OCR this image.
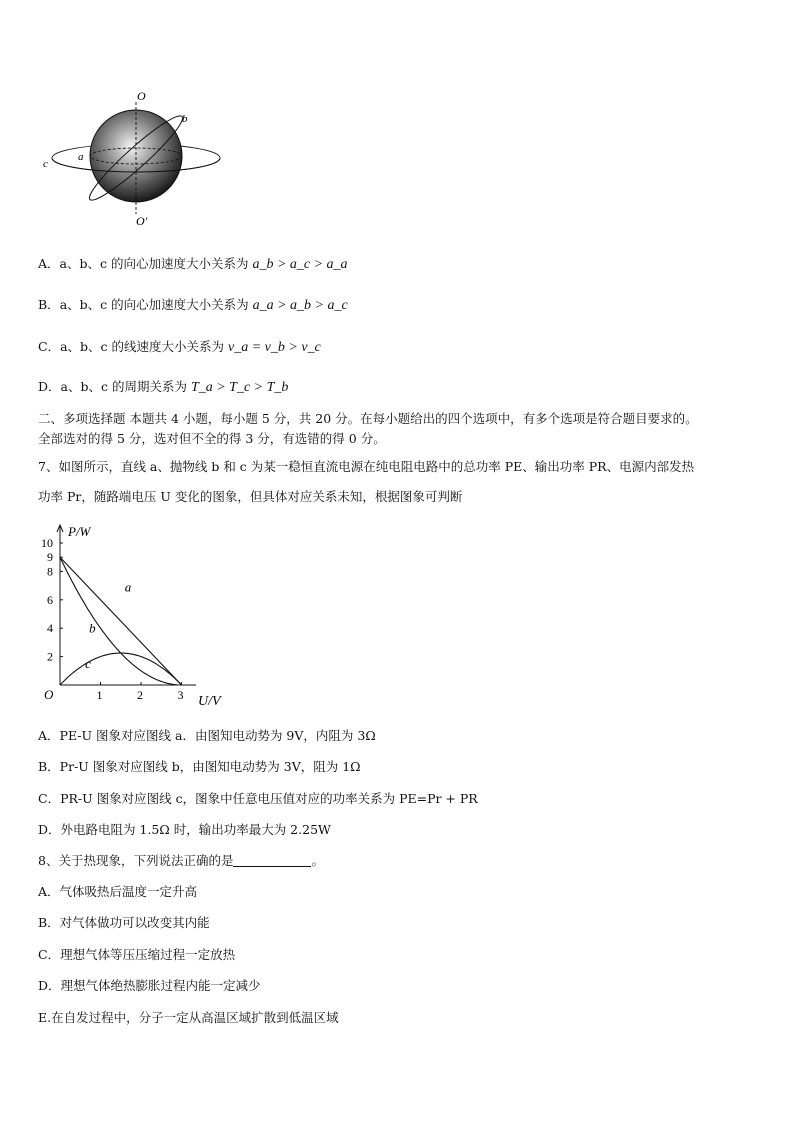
O
O'
a
b
c
A．a、b、c 的向心加速度大小关系为 a_b > a_c > a_a
B．a、b、c 的向心加速度大小关系为 a_a > a_b > a_c
C．a、b、c 的线速度大小关系为 v_a = v_b > v_c
D．a、b、c 的周期关系为 T_a > T_c > T_b
二、多项选择题 本题共 4 小题，每小题 5 分，共 20 分。在每小题给出的四个选项中，有多个选项是符合题目要求的。
全部选对的得 5 分，选对但不全的得 3 分，有选错的得 0 分。
7、如图所示，直线 a、抛物线 b 和 c 为某一稳恒直流电源在纯电阻电路中的总功率 PE、输出功率 PR、电源内部发热
功率 Pr，随路端电压 U 变化的图象，但具体对应关系未知，根据图象可判断
P/W
U/V
O
2
4
6
8
9
10
1	2	3
a
b
c
A．PE-U 图象对应图线 a．由图知电动势为 9V，内阻为 3Ω
B．Pr-U 图象对应图线 b，由图知电动势为 3V，阻为 1Ω
C．PR-U 图象对应图线 c，图象中任意电压值对应的功率关系为 PE=Pr + PR
D．外电路电阻为 1.5Ω 时，输出功率最大为 2.25W
8、关于热现象，下列说法正确的是	。
A．气体吸热后温度一定升高
B．对气体做功可以改变其内能
C．理想气体等压压缩过程一定放热
D．理想气体绝热膨胀过程内能一定减少
E.在自发过程中，分子一定从高温区域扩散到低温区域
